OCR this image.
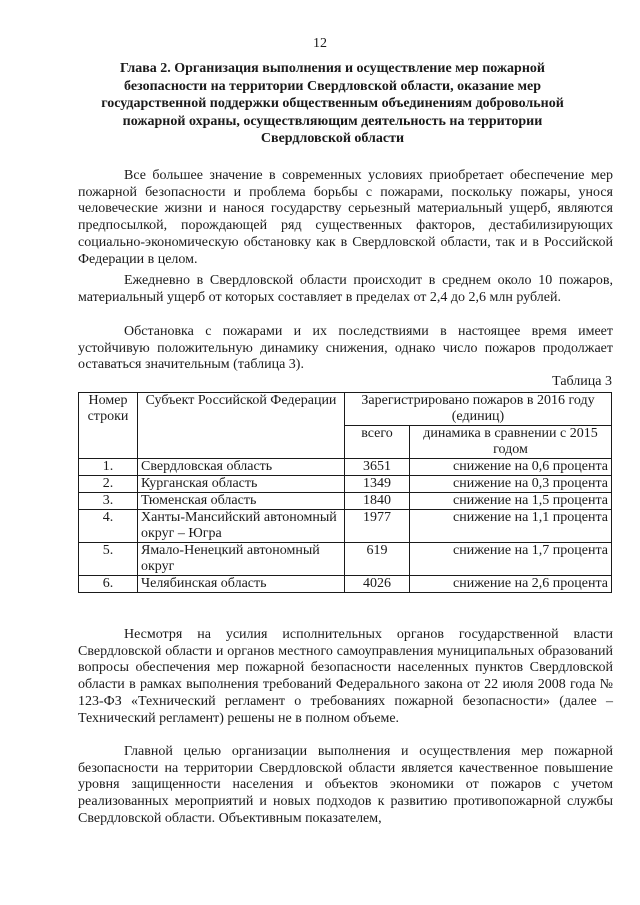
12
Глава 2. Организация выполнения и осуществление мер пожарной безопасности на территории Свердловской области, оказание мер государственной поддержки общественным объединениям добровольной пожарной охраны, осуществляющим деятельность на территории Свердловской области

Все большее значение в современных условиях приобретает обеспечение мер пожарной безопасности и проблема борьбы с пожарами, поскольку пожары, унося человеческие жизни и нанося государству серьезный материальный ущерб, являются предпосылкой, порождающей ряд существенных факторов, дестабилизирующих социально-экономическую обстановку как в Свердловской области, так и в Российской Федерации в целом.

Ежедневно в Свердловской области происходит в среднем около 10 пожаров, материальный ущерб от которых составляет в пределах от 2,4 до 2,6 млн рублей.

Обстановка с пожарами и их последствиями в настоящее время имеет устойчивую положительную динамику снижения, однако число пожаров продолжает оставаться значительным (таблица 3).

Таблица 3
Номер строки	Субъект Российской Федерации	Зарегистрировано пожаров в 2016 году (единиц)	
		всего	динамика в сравнении с 2015 годом
1.	Свердловская область	3651	снижение на 0,6 процента
2.	Курганская область	1349	снижение на 0,3 процента
3.	Тюменская область	1840	снижение на 1,5 процента
4.	Ханты-Мансийский автономный округ – Югра	1977	снижение на 1,1 процента
5.	Ямало-Ненецкий автономный округ	619	снижение на 1,7 процента
6.	Челябинская область	4026	снижение на 2,6 процента

Несмотря на усилия исполнительных органов государственной власти Свердловской области и органов местного самоуправления муниципальных образований вопросы обеспечения мер пожарной безопасности населенных пунктов Свердловской области в рамках выполнения требований Федерального закона от 22 июля 2008 года № 123-ФЗ «Технический регламент о требованиях пожарной безопасности» (далее – Технический регламент) решены не в полном объеме.

Главной целью организации выполнения и осуществления мер пожарной безопасности на территории Свердловской области является качественное повышение уровня защищенности населения и объектов экономики от пожаров с учетом реализованных мероприятий и новых подходов к развитию противопожарной службы Свердловской области. Объективным показателем,
